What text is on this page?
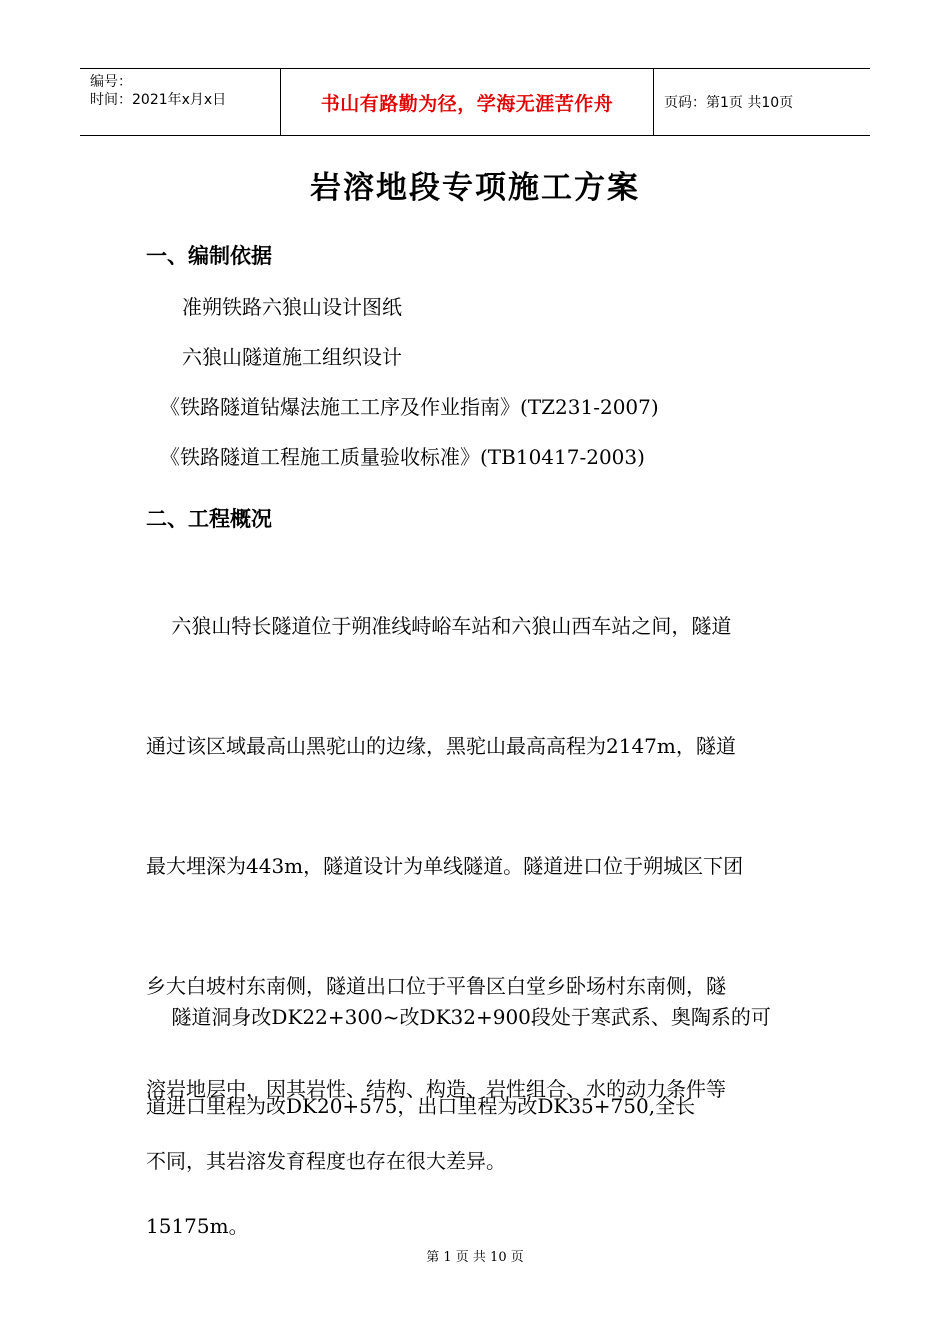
编号：
时间：2021年x月x日	书山有路勤为径，学海无涯苦作舟	页码：第1页 共10页
岩溶地段专项施工方案
一、编制依据
准朔铁路六狼山设计图纸
六狼山隧道施工组织设计
《铁路隧道钻爆法施工工序及作业指南》(TZ231-2007)
《铁路隧道工程施工质量验收标准》(TB10417-2003)
二、工程概况

六狼山特长隧道位于朔准线峙峪车站和六狼山西车站之间，隧道

通过该区域最高山黑驼山的边缘，黑驼山最高高程为2147m，隧道

最大埋深为443m，隧道设计为单线隧道。隧道进口位于朔城区下团

乡大白坡村东南侧，隧道出口位于平鲁区白堂乡卧场村东南侧，隧

道进口里程为改DK20+575，出口里程为改DK35+750,全长

15175m。

隧道洞身改DK22+300~改DK32+900段处于寒武系、奥陶系的可

溶岩地层中，因其岩性、结构、构造、岩性组合、水的动力条件等

不同，其岩溶发育程度也存在很大差异。

第 1 页 共 10 页
